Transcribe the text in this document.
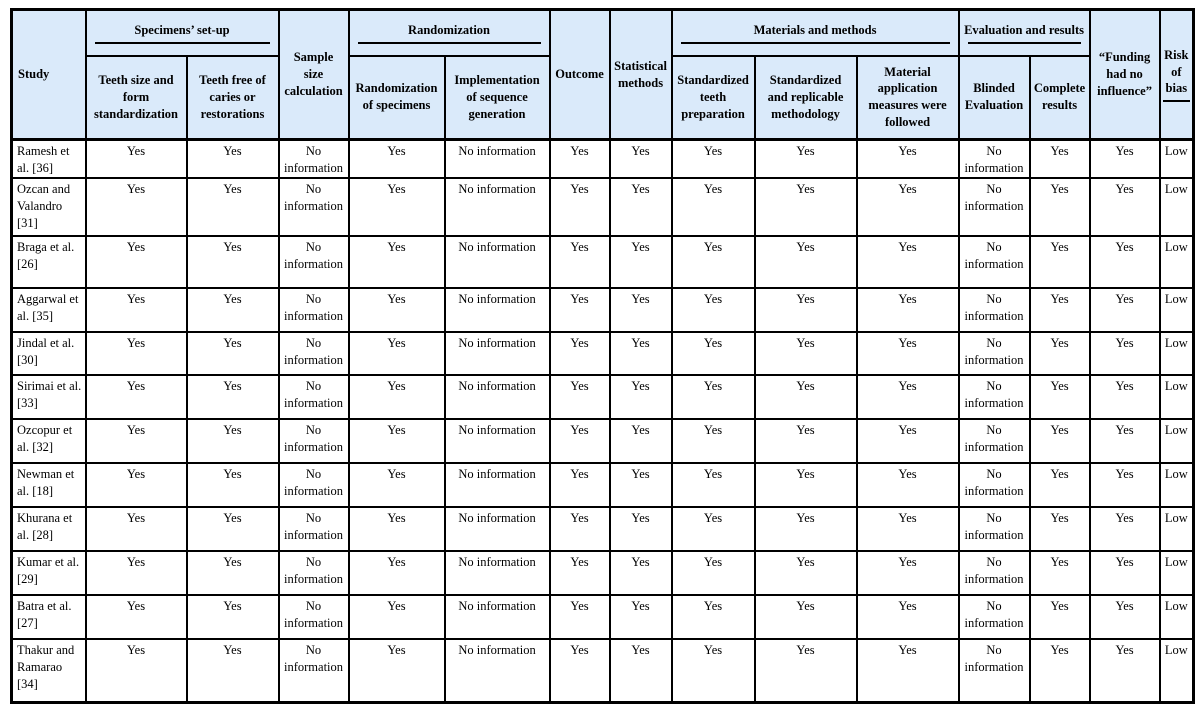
Study	Specimens’ set-up		Sample size calculation	Randomization		Outcome	Statistical methods	Materials and methods			Evaluation and results		“Funding had no influence”	Risk of bias

	Teeth size and form standardization	Teeth free of caries or restorations		Randomization of specimens	Implementation of sequence generation			Standardized teeth preparation	Standardized and replicable methodology	Material application measures were followed	Blinded Evaluation	Complete results		
Ramesh et al. [36]	Yes	Yes	No information	Yes	No information	Yes	Yes	Yes	Yes	Yes	No information	Yes	Yes	Low
Ozcan and Valandro [31]	Yes	Yes	No information	Yes	No information	Yes	Yes	Yes	Yes	Yes	No information	Yes	Yes	Low
Braga et al. [26]	Yes	Yes	No information	Yes	No information	Yes	Yes	Yes	Yes	Yes	No information	Yes	Yes	Low
Aggarwal et al. [35]	Yes	Yes	No information	Yes	No information	Yes	Yes	Yes	Yes	Yes	No information	Yes	Yes	Low
Jindal et al. [30]	Yes	Yes	No information	Yes	No information	Yes	Yes	Yes	Yes	Yes	No information	Yes	Yes	Low
Sirimai et al. [33]	Yes	Yes	No information	Yes	No information	Yes	Yes	Yes	Yes	Yes	No information	Yes	Yes	Low
Ozcopur et al. [32]	Yes	Yes	No information	Yes	No information	Yes	Yes	Yes	Yes	Yes	No information	Yes	Yes	Low
Newman et al. [18]	Yes	Yes	No information	Yes	No information	Yes	Yes	Yes	Yes	Yes	No information	Yes	Yes	Low
Khurana et al. [28]	Yes	Yes	No information	Yes	No information	Yes	Yes	Yes	Yes	Yes	No information	Yes	Yes	Low
Kumar et al. [29]	Yes	Yes	No information	Yes	No information	Yes	Yes	Yes	Yes	Yes	No information	Yes	Yes	Low
Batra et al. [27]	Yes	Yes	No information	Yes	No information	Yes	Yes	Yes	Yes	Yes	No information	Yes	Yes	Low
Thakur and Ramarao [34]	Yes	Yes	No information	Yes	No information	Yes	Yes	Yes	Yes	Yes	No information	Yes	Yes	Low
